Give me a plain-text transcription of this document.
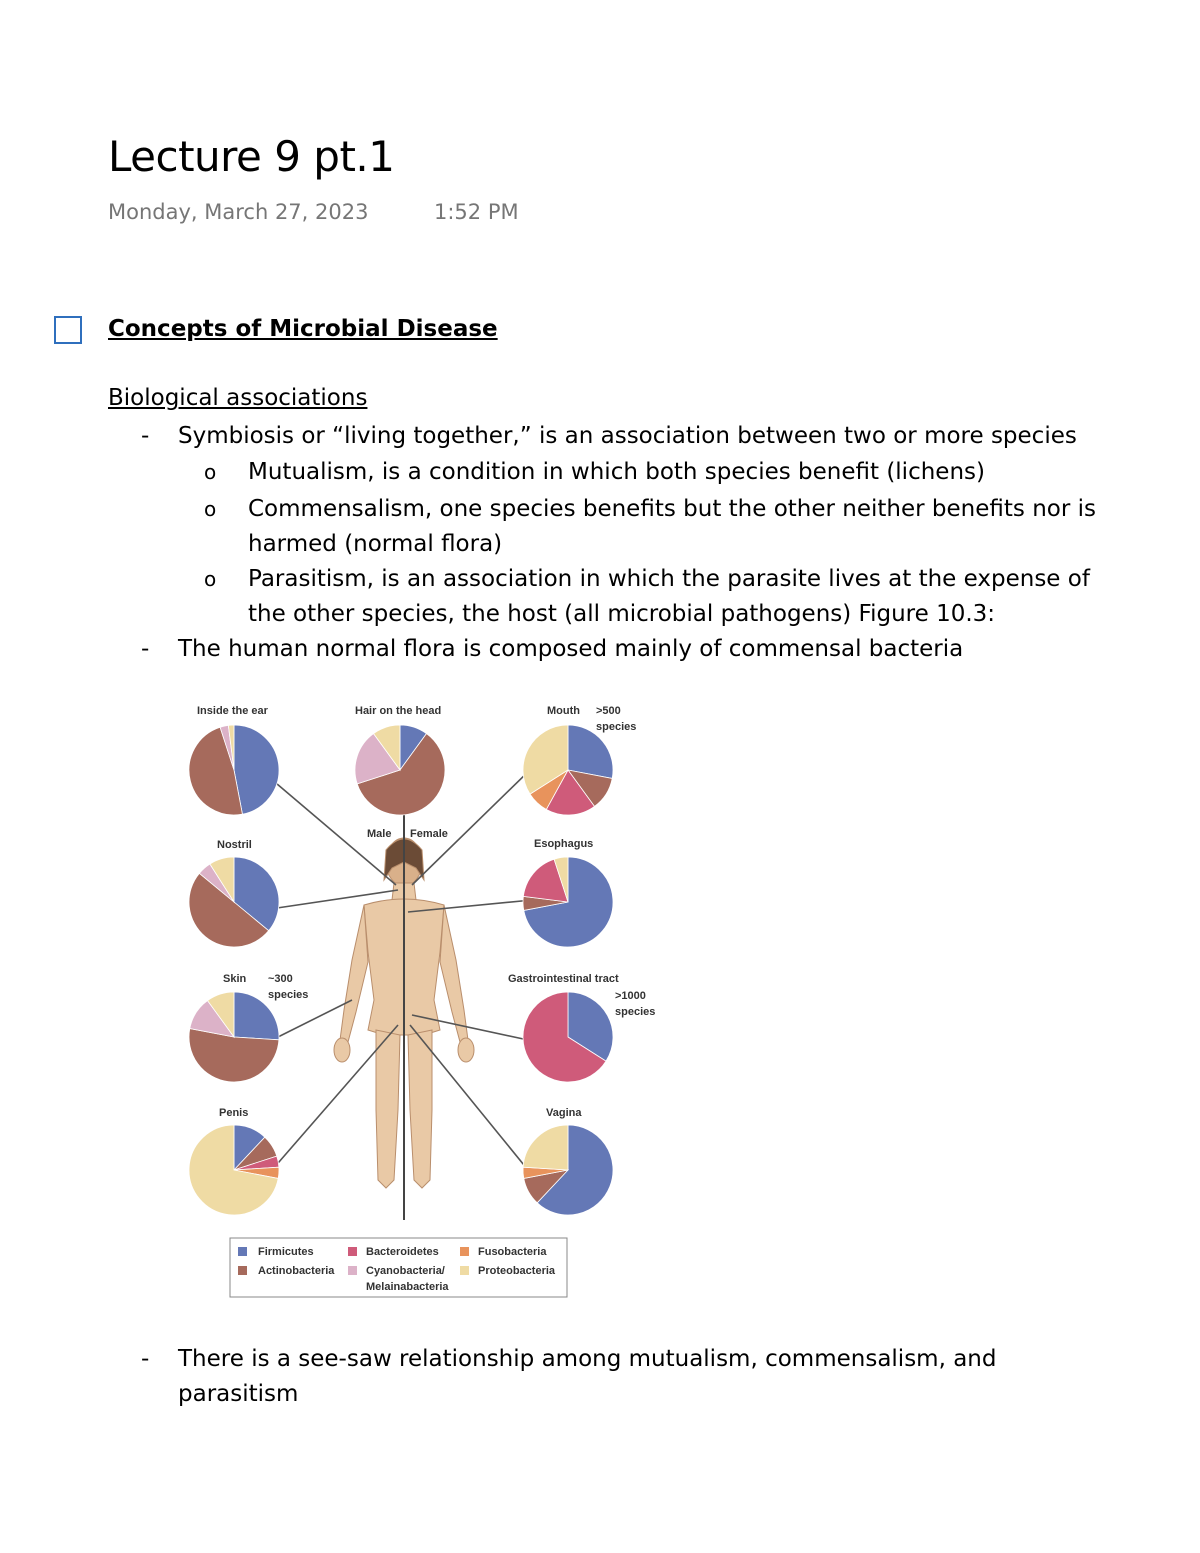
Lecture 9 pt.1
Monday, March 27, 2023	1:52 PM
Concepts of Microbial Disease
Biological associations
- Symbiosis or “living together,” is an association between two or more species
o Mutualism, is a condition in which both species benefit (lichens)
o Commensalism, one species benefits but the other neither benefits nor is
harmed (normal flora)
o Parasitism, is an association in which the parasite lives at the expense of
the other species, the host (all microbial pathogens) Figure 10.3:
- The human normal flora is composed mainly of commensal bacteria
Inside the ear	Hair on the head	Mouth >500
species
Male Female
Nostril	Esophagus
Skin ~300
species
Gastrointestinal tract
>1000
species
Penis	Vagina
Firmicutes	Bacteroidetes	Fusobacteria
Actinobacteria	Cyanobacteria/
Melainabacteria
Proteobacteria
- There is a see-saw relationship among mutualism, commensalism, and
parasitism
